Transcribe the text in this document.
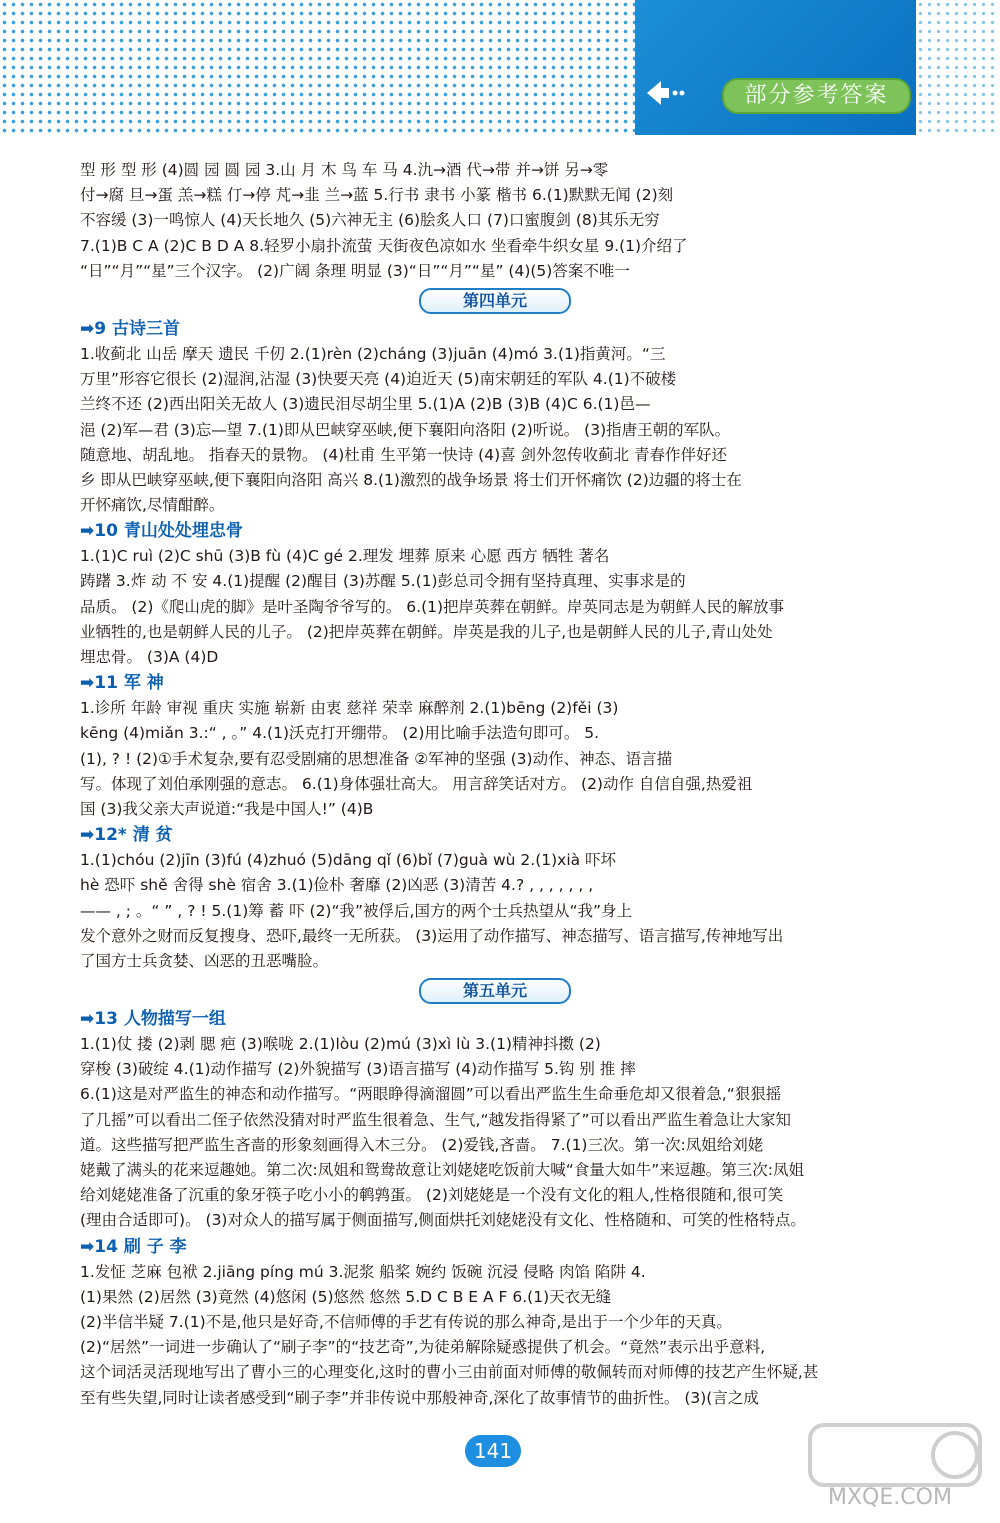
部分参考答案
型 形 型 形 (4)圆 园 圆 园 3.山 月 木 鸟 车 马 4.氿→酒 代→带 并→饼 另→零
付→腐 旦→蛋 羔→糕 仃→停 芃→韭 兰→蓝 5.行书 隶书 小篆 楷书 6.(1)默默无闻 (2)刻
不容缓 (3)一鸣惊人 (4)天长地久 (5)六神无主 (6)脍炙人口 (7)口蜜腹剑 (8)其乐无穷
7.(1)B C A (2)C B D A 8.轻罗小扇扑流萤 天街夜色凉如水 坐看牵牛织女星 9.(1)介绍了
“日”“月”“星”三个汉字。 (2)广阔 条理 明显 (3)“日”“月”“星” (4)(5)答案不唯一
第四单元
➡9 古诗三首
1.收蓟北 山岳 摩天 遗民 千仞 2.(1)rèn (2)cháng (3)juān (4)mó 3.(1)指黄河。“三
万里”形容它很长 (2)湿润,沾湿 (3)快要天亮 (4)迫近天 (5)南宋朝廷的军队 4.(1)不破楼
兰终不还 (2)西出阳关无故人 (3)遗民泪尽胡尘里 5.(1)A (2)B (3)B (4)C 6.(1)邑—
浥 (2)军—君 (3)忘—望 7.(1)即从巴峡穿巫峡,便下襄阳向洛阳 (2)听说。 (3)指唐王朝的军队。
随意地、胡乱地。 指春天的景物。 (4)杜甫 生平第一快诗 (4)喜 剑外忽传收蓟北 青春作伴好还
乡 即从巴峡穿巫峡,便下襄阳向洛阳 高兴 8.(1)激烈的战争场景 将士们开怀痛饮 (2)边疆的将士在
开怀痛饮,尽情酣醉。
➡10 青山处处埋忠骨
1.(1)C ruì (2)C shū (3)B fù (4)C gé 2.理发 埋葬 原来 心愿 西方 牺牲 著名
踌躇 3.炸 动 不 安 4.(1)提醒 (2)醒目 (3)苏醒 5.(1)彭总司令拥有坚持真理、实事求是的
品质。 (2)《爬山虎的脚》是叶圣陶爷爷写的。 6.(1)把岸英葬在朝鲜。岸英同志是为朝鲜人民的解放事
业牺牲的,也是朝鲜人民的儿子。 (2)把岸英葬在朝鲜。岸英是我的儿子,也是朝鲜人民的儿子,青山处处
埋忠骨。 (3)A (4)D
➡11 军 神
1.诊所 年龄 审视 重庆 实施 崭新 由衷 慈祥 荣幸 麻醉剂 2.(1)bēng (2)fěi (3)
kēng (4)miǎn 3.:“ , 。” 4.(1)沃克打开绷带。 (2)用比喻手法造句即可。 5.
(1), ? ! (2)①手术复杂,要有忍受剧痛的思想准备 ②军神的坚强 (3)动作、神态、语言描
写。体现了刘伯承刚强的意志。 6.(1)身体强壮高大。 用言辞笑话对方。 (2)动作 自信自强,热爱祖
国 (3)我父亲大声说道:“我是中国人!” (4)B
➡12* 清 贫
1.(1)chóu (2)jīn (3)fú (4)zhuó (5)dāng qǐ (6)bǐ (7)guà wù 2.(1)xià 吓坏
hè 恐吓 shě 舍得 shè 宿舍 3.(1)俭朴 奢靡 (2)凶恶 (3)清苦 4.? , , , , , , ,
—— , ; 。“ ” , ? ! 5.(1)筹 蓄 吓 (2)“我”被俘后,国方的两个士兵热望从“我”身上
发个意外之财而反复搜身、恐吓,最终一无所获。 (3)运用了动作描写、神态描写、语言描写,传神地写出
了国方士兵贪婪、凶恶的丑恶嘴脸。
第五单元
➡13 人物描写一组
1.(1)仗 搂 (2)剥 腮 疤 (3)喉咙 2.(1)lòu (2)mú (3)xì lù 3.(1)精神抖擞 (2)
穿梭 (3)破绽 4.(1)动作描写 (2)外貌描写 (3)语言描写 (4)动作描写 5.钩 别 推 摔
6.(1)这是对严监生的神态和动作描写。“两眼睁得滴溜圆”可以看出严监生生命垂危却又很着急,“狠狠摇
了几摇”可以看出二侄子依然没猜对时严监生很着急、生气,“越发指得紧了”可以看出严监生着急让大家知
道。这些描写把严监生吝啬的形象刻画得入木三分。 (2)爱钱,吝啬。 7.(1)三次。第一次:凤姐给刘姥
姥戴了满头的花来逗趣她。第二次:凤姐和鸳鸯故意让刘姥姥吃饭前大喊“食量大如牛”来逗趣。第三次:凤姐
给刘姥姥准备了沉重的象牙筷子吃小小的鹌鹑蛋。 (2)刘姥姥是一个没有文化的粗人,性格很随和,很可笑
(理由合适即可)。 (3)对众人的描写属于侧面描写,侧面烘托刘姥姥没有文化、性格随和、可笑的性格特点。
➡14 刷 子 李
1.发怔 芝麻 包袱 2.jiāng píng mú 3.泥浆 船桨 婉约 饭碗 沉浸 侵略 肉馅 陷阱 4.
(1)果然 (2)居然 (3)竟然 (4)悠闲 (5)悠然 悠然 5.D C B E A F 6.(1)天衣无缝
(2)半信半疑 7.(1)不是,他只是好奇,不信师傅的手艺有传说的那么神奇,是出于一个少年的天真。
(2)“居然”一词进一步确认了“刷子李”的“技艺奇”,为徒弟解除疑惑提供了机会。“竟然”表示出乎意料,
这个词活灵活现地写出了曹小三的心理变化,这时的曹小三由前面对师傅的敬佩转而对师傅的技艺产生怀疑,甚
至有些失望,同时让读者感受到“刷子李”并非传说中那般神奇,深化了故事情节的曲折性。 (3)(言之成
141
MXQE.COM
